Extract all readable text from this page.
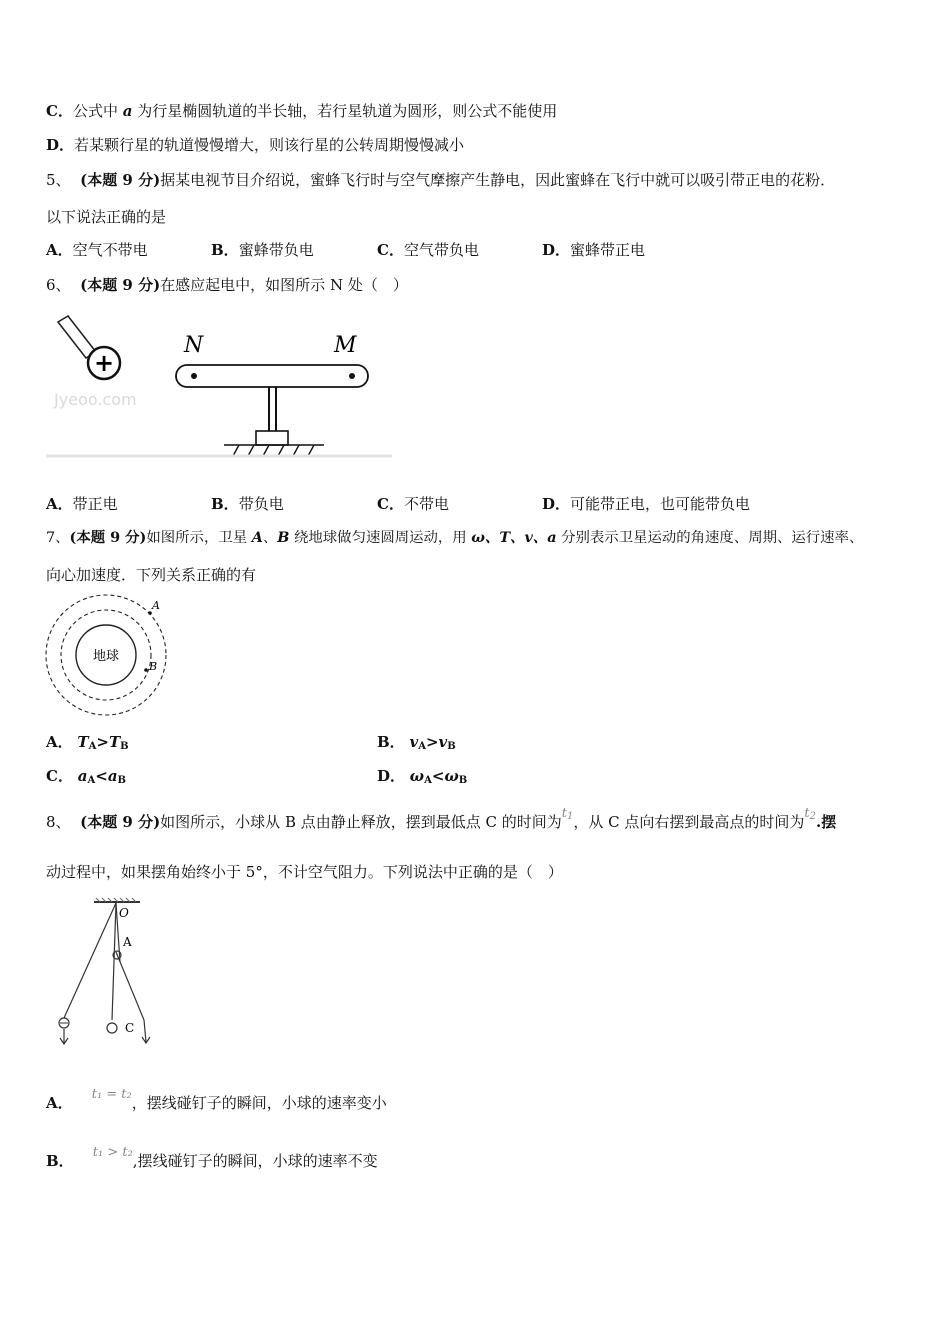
C．公式中 a 为行星椭圆轨道的半长轴，若行星轨道为圆形，则公式不能使用
D．若某颗行星的轨道慢慢增大，则该行星的公转周期慢慢减小
5、 (本题 9 分)据某电视节目介绍说，蜜蜂飞行时与空气摩擦产生静电，因此蜜蜂在飞行中就可以吸引带正电的花粉．
以下说法正确的是
A．空气不带电	B．蜜蜂带负电	C．空气带负电	D．蜜蜂带正电
6、 (本题 9 分)在感应起电中，如图所示 N 处（　）
+
Jyeoo.com
N	M
A．带正电	B．带负电	C．不带电	D．可能带正电，也可能带负电
7、(本题 9 分)如图所示，卫星 A、B 绕地球做匀速圆周运动，用 ω、T、v、a 分别表示卫星运动的角速度、周期、运行速率、
向心加速度．下列关系正确的有
地球
A
B
A． $T_A>T_B$	B． $v_A>v_B$
C． $a_A<a_B$	D． $\omega_A<\omega_B$
8、 (本题 9 分)如图所示，小球从 B 点由静止释放，摆到最低点 C 的时间为$t_1$，从 C 点向右摆到最高点的时间为$t_2$.摆
动过程中，如果摆角始终小于 5°，不计空气阻力。下列说法中正确的是（　）
O
A
C
A． t₁ = t₂，摆线碰钉子的瞬间，小球的速率变小
B． t₁ > t₂,摆线碰钉子的瞬间，小球的速率不变
